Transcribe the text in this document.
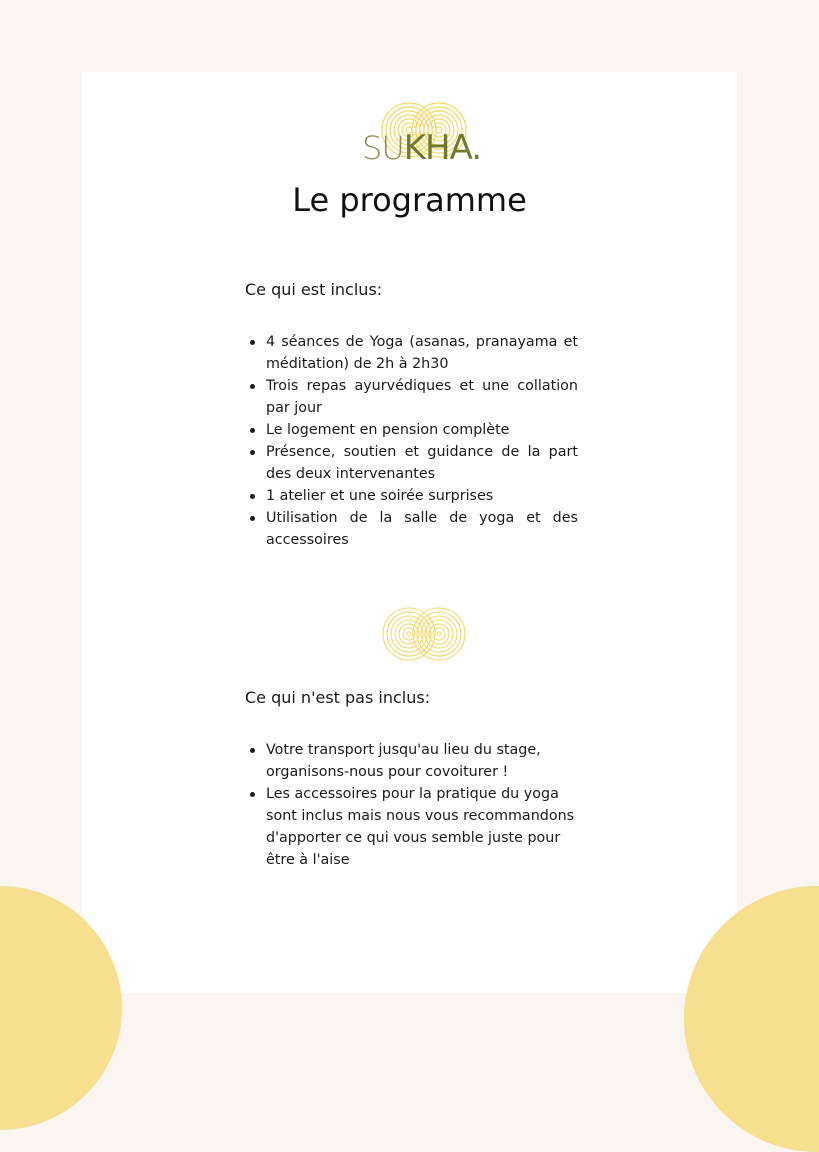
SUKHA.
Le programme
Ce qui est inclus:
4 séances de Yoga (asanas, pranayama et méditation) de 2h à 2h30
Trois repas ayurvédiques et une collation par jour
Le logement en pension complète
Présence, soutien et guidance de la part des deux intervenantes
1 atelier et une soirée surprises
Utilisation de la salle de yoga et des accessoires
Ce qui n'est pas inclus:
Votre transport jusqu'au lieu du stage, organisons-nous pour covoiturer !
Les accessoires pour la pratique du yoga sont inclus mais nous vous recommandons d'apporter ce qui vous semble juste pour être à l'aise
